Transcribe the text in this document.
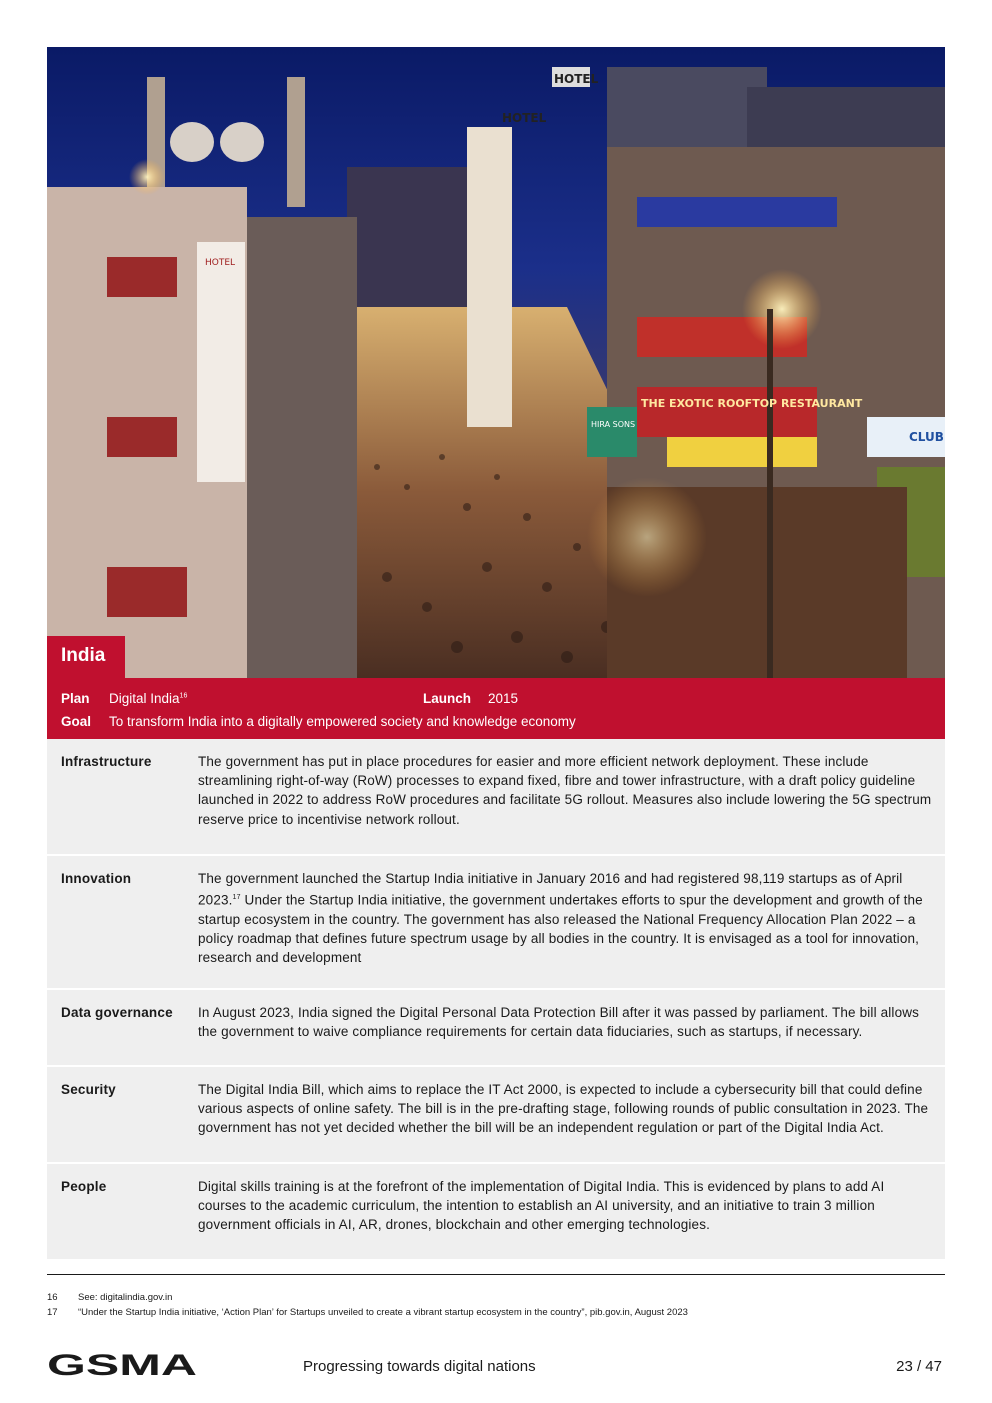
HOTEL
HOTEL
HOTEL
THE EXOTIC ROOFTOP RESTAURANT
HIRA SONS
CLUB
India
Plan Digital India$^{16}$	Launch 2015
Goal To transform India into a digitally empowered society and knowledge economy
Infrastructure	The government has put in place procedures for easier and more efficient network deployment. These include streamlining right-of-way (RoW) processes to expand fixed, fibre and tower infrastructure, with a draft policy guideline launched in 2022 to address RoW procedures and facilitate 5G rollout. Measures also include lowering the 5G spectrum reserve price to incentivise network rollout.
Innovation	The government launched the Startup India initiative in January 2016 and had registered 98,119 startups as of April 2023.17 Under the Startup India initiative, the government undertakes efforts to spur the development and growth of the startup ecosystem in the country. The government has also released the National Frequency Allocation Plan 2022 – a policy roadmap that defines future spectrum usage by all bodies in the country. It is envisaged as a tool for innovation, research and development
Data governance	In August 2023, India signed the Digital Personal Data Protection Bill after it was passed by parliament. The bill allows the government to waive compliance requirements for certain data fiduciaries, such as startups, if necessary.
Security	The Digital India Bill, which aims to replace the IT Act 2000, is expected to include a cybersecurity bill that could define various aspects of online safety. The bill is in the pre-drafting stage, following rounds of public consultation in 2023. The government has not yet decided whether the bill will be an independent regulation or part of the Digital India Act.
People	Digital skills training is at the forefront of the implementation of Digital India. This is evidenced by plans to add AI courses to the academic curriculum, the intention to establish an AI university, and an initiative to train 3 million government officials in AI, AR, drones, blockchain and other emerging technologies.
16 See: digitalindia.gov.in
17 “Under the Startup India initiative, ‘Action Plan’ for Startups unveiled to create a vibrant startup ecosystem in the country”, pib.gov.in, August 2023
GSMA	Progressing towards digital nations	23 / 47
